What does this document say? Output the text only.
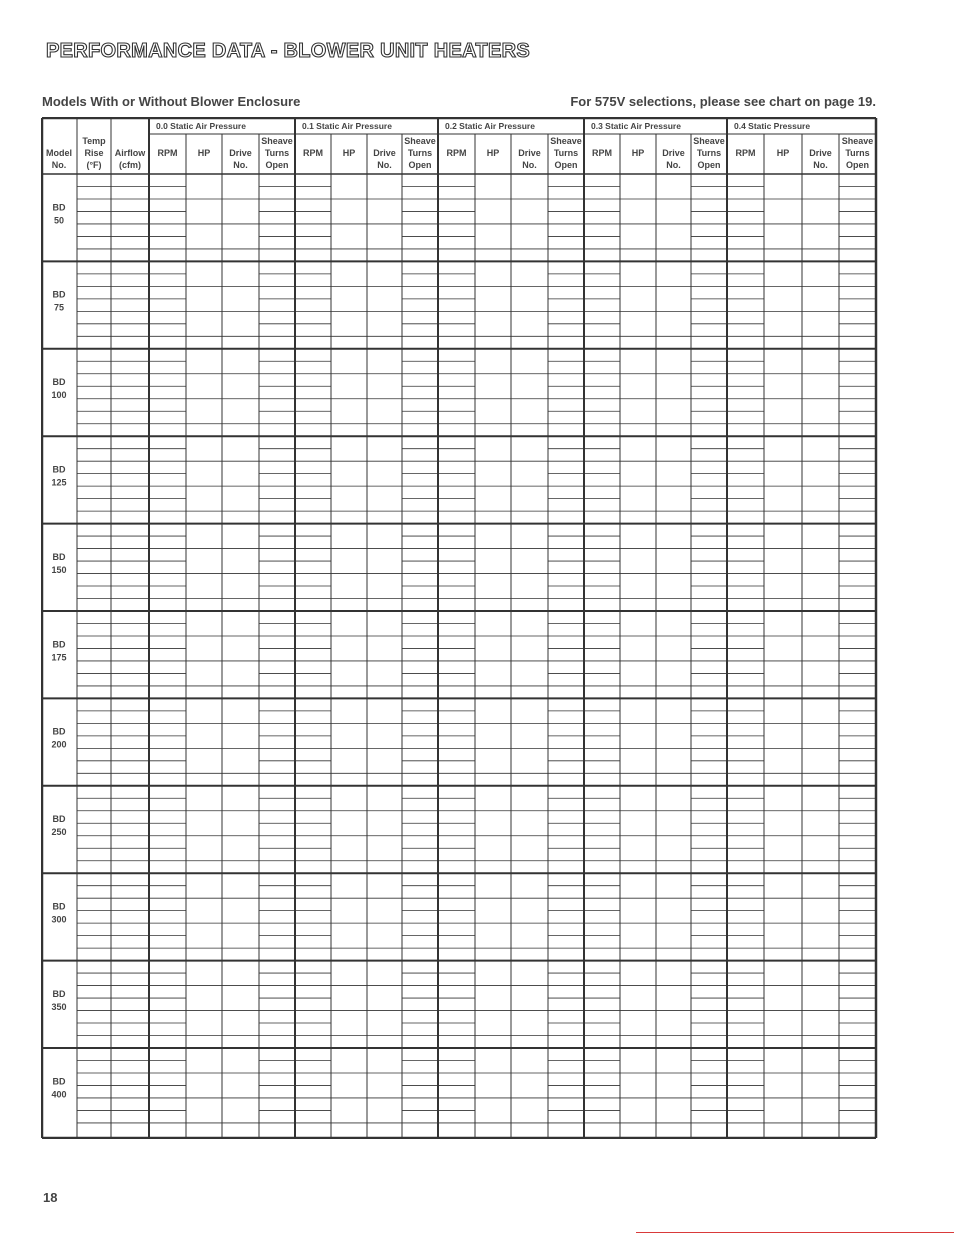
PERFORMANCE DATA - BLOWER UNIT HEATERS
Models With or Without Blower Enclosure	For 575V selections, please see chart on page 19.
BD
50
BD
75
BD
100
BD
125
BD
150
BD
175
BD
200
BD
250
BD
300
BD
350
BD
400
Model
No.
Temp
Rise
(°F)
Airflow
(cfm)
0.0 Static Air Pressure
RPM HP Drive
No.
Sheave
Turns
Open
0.1 Static Air Pressure
RPM HP Drive
No.
Sheave
Turns
Open
0.2 Static Air Pressure
RPM HP Drive
No.
Sheave
Turns
Open
0.3 Static Air Pressure
RPM HP Drive
No.
Sheave
Turns
Open
0.4 Static Pressure
RPM HP Drive
No.
Sheave
Turns
Open
18
